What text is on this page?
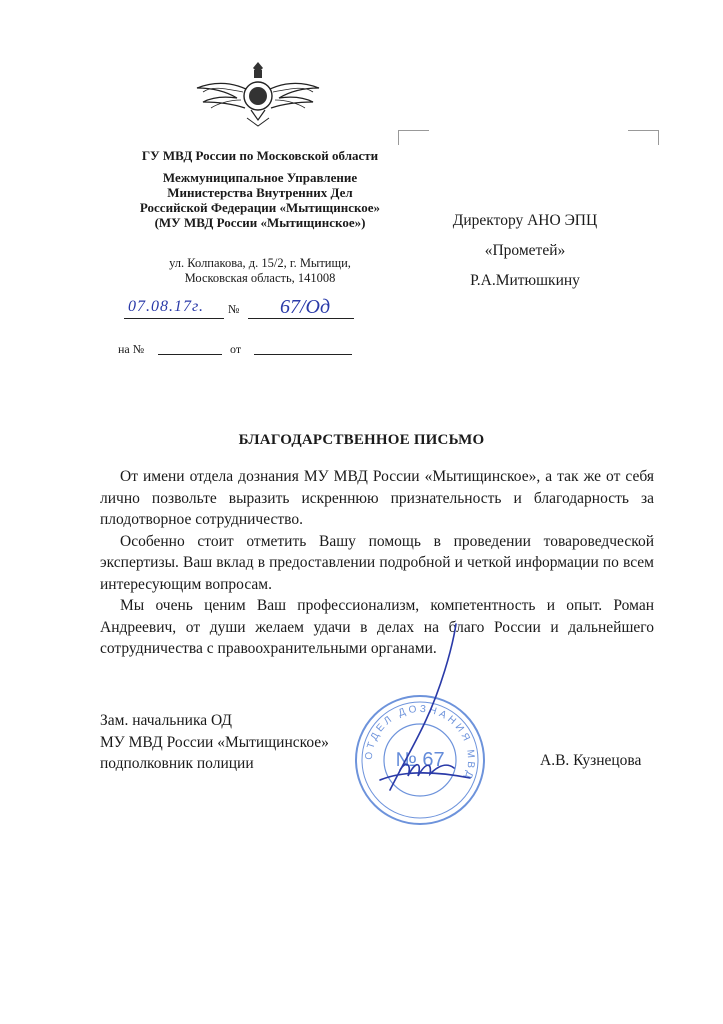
ГУ МВД России по Московской области
Межмуниципальное Управление
Министерства Внутренних Дел
Российской Федерации «Мытищинское»
(МУ МВД России «Мытищинское»)
ул. Колпакова, д. 15/2, г. Мытищи,
Московская область, 141008
07.08.17г.	№ 67/Од
на №	от
Директору АНО ЭПЦ
«Прометей»
Р.А.Митюшкину
БЛАГОДАРСТВЕННОЕ ПИСЬМО

От имени отдела дознания МУ МВД России «Мытищинское», а так же от себя лично позвольте выразить искреннюю признательность и благодарность за плодотворное сотрудничество.

Особенно стоит отметить Вашу помощь в проведении товароведческой экспертизы. Ваш вклад в предоставлении подробной и четкой информации по всем интересующим вопросам.

Мы очень ценим Ваш профессионализм, компетентность и опыт. Роман Андреевич, от души желаем удачи в делах на благо России и дальнейшего сотрудничества с правоохранительными органами.

Зам. начальника ОД
МУ МВД России «Мытищинское»
подполковник полиции
ОТДЕЛ ДОЗНАНИЯ МВД
№ 67	А.В. Кузнецова
